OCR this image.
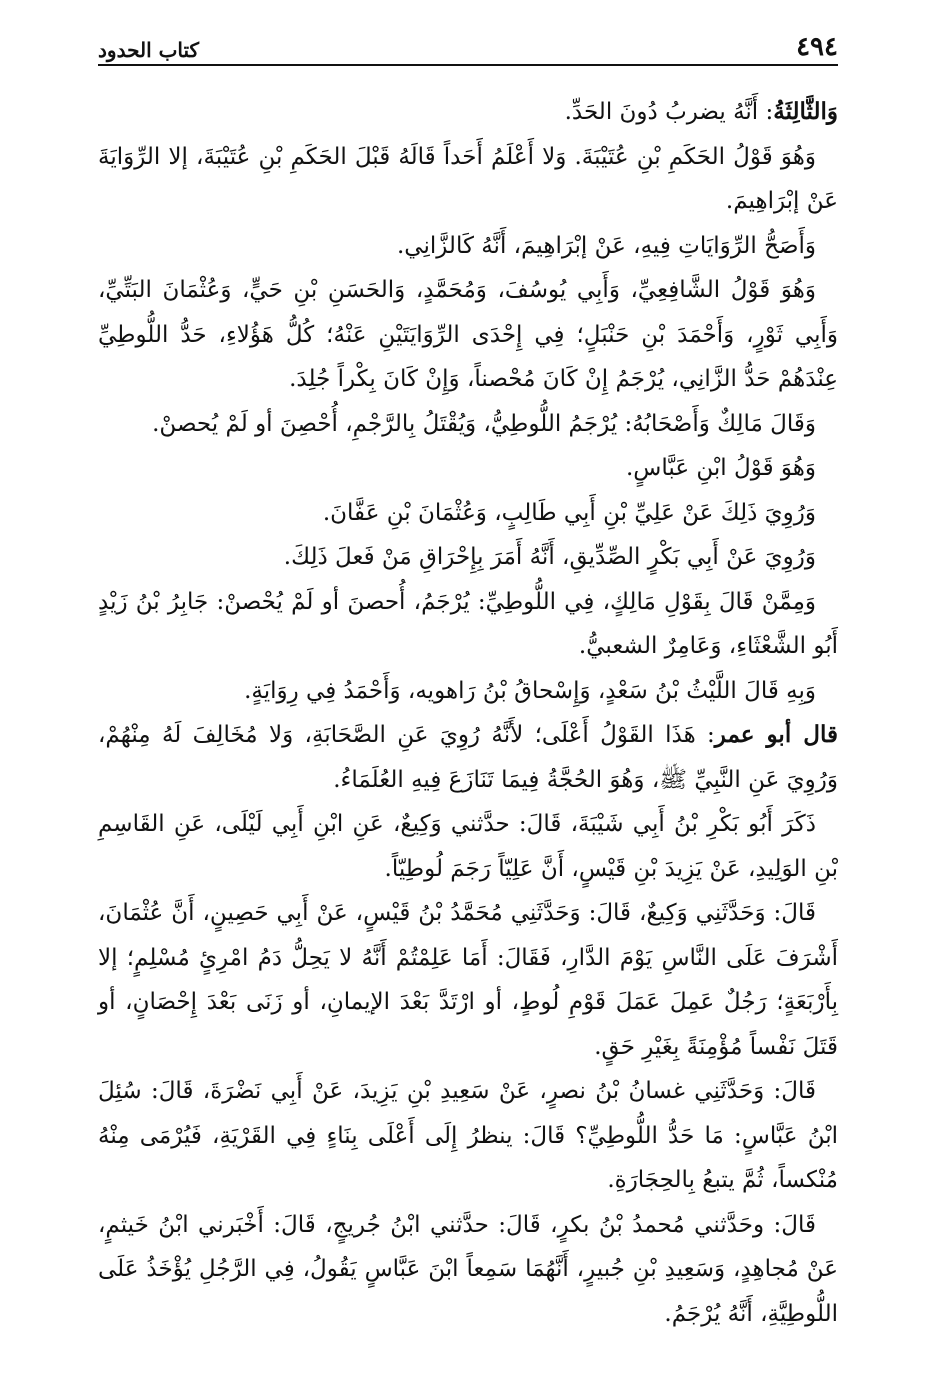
٤٩٤
كتاب الحدود

وَالثَّالِثَةُ: أَنَّهُ يضربُ دُونَ الحَدِّ.

وَهُوَ قَوْلُ الحَكَمِ بْنِ عُتَيْبَةَ. وَلا أَعْلَمُ أَحَداً قَالَهُ قَبْلَ الحَكَمِ بْنِ عُتَيْبَةَ، إلا الرِّوَايَةَ عَنْ إبْرَاهِيمَ.

وَأَصَحُّ الرِّوَايَاتِ فِيهِ، عَنْ إبْرَاهِيمَ، أَنَّهُ كَالزَّانِي.

وَهُوَ قَوْلُ الشَّافِعِيِّ، وَأَبِي يُوسُفَ، وَمُحَمَّدٍ، وَالحَسَنِ بْنِ حَيٍّ، وَعُثْمَانَ البَتِّيِّ، وَأَبِي ثَوْرٍ، وَأَحْمَدَ بْنِ حَنْبَلٍ؛ فِي إِحْدَى الرِّوَايَتَيْنِ عَنْهُ؛ كُلُّ هَؤُلاءِ، حَدُّ اللُّوطِيِّ عِنْدَهُمْ حَدُّ الزَّانِي، يُرْجَمُ إِنْ كَانَ مُحْصناً، وَإِنْ كَانَ بِكْراً جُلِدَ.

وَقَالَ مَالِكٌ وَأَصْحَابُهُ: يُرْجَمُ اللُّوطِيُّ، وَيُقْتَلُ بِالرَّجْمِ، أُحْصِنَ أو لَمْ يُحصنْ.

وَهُوَ قَوْلُ ابْنِ عَبَّاسٍ.

وَرُوِيَ ذَلِكَ عَنْ عَلِيِّ بْنِ أَبِي طَالِبٍ، وَعُثْمَانَ بْنِ عَفَّانَ.

وَرُوِيَ عَنْ أَبِي بَكْرٍ الصِّدِّيقِ، أَنَّهُ أَمَرَ بِإِحْرَاقِ مَنْ فَعلَ ذَلِكَ.

وَمِمَّنْ قَالَ بِقَوْلِ مَالِكٍ، فِي اللُّوطِيِّ: يُرْجَمُ، أُحصنَ أو لَمْ يُحْصنْ: جَابِرُ بْنُ زَيْدٍ أَبُو الشَّعْثَاءِ، وَعَامِرٌ الشعبيُّ.

وَبِهِ قَالَ اللَّيْثُ بْنُ سَعْدٍ، وَإِسْحاقُ بْنُ رَاهويه، وَأَحْمَدُ فِي رِوَايَةٍ.

قال أبو عمر: هَذَا القَوْلُ أَعْلَى؛ لأَنَّهُ رُوِيَ عَنِ الصَّحَابَةِ، وَلا مُخَالِفَ لَهُ مِنْهُمْ، وَرُوِيَ عَنِ النَّبِيِّ ﷺ، وَهُوَ الحُجَّةُ فِيمَا تَنَازَعَ فِيهِ العُلَمَاءُ.

ذَكَرَ أَبُو بَكْرِ بْنُ أَبِي شَيْبَةَ، قَالَ: حدَّثني وَكِيعٌ، عَنِ ابْنِ أَبِي لَيْلَى، عَنِ القَاسِمِ بْنِ الوَلِيدِ، عَنْ يَزِيدَ بْنِ قَيْسٍ، أَنَّ عَلِيّاً رَجَمَ لُوطِيّاً.

قَالَ: وَحَدَّثَنِي وَكِيعٌ، قَالَ: وَحَدَّثَنِي مُحَمَّدُ بْنُ قَيْسٍ، عَنْ أَبِي حَصِينٍ، أَنَّ عُثْمَانَ، أَشْرَفَ عَلَى النَّاسِ يَوْمَ الدَّارِ، فَقَالَ: أَمَا عَلِمْتُمْ أَنَّهُ لا يَحِلُّ دَمُ امْرِئٍ مُسْلِمٍ؛ إلا بِأَرْبَعَةٍ؛ رَجُلٌ عَمِلَ عَمَلَ قَوْمِ لُوطٍ، أو ارْتَدَّ بَعْدَ الإيمانِ، أو زَنَى بَعْدَ إِحْصَانٍ، أو قَتَلَ نَفْساً مُؤْمِنَةً بِغَيْرِ حَقٍ.

قَالَ: وَحَدَّثَنِي غسانُ بْنُ نصرٍ، عَنْ سَعِيدِ بْنِ يَزِيدَ، عَنْ أَبِي نَضْرَةَ، قَالَ: سُئِلَ ابْنُ عَبَّاسٍ: مَا حَدُّ اللُّوطِيِّ؟ قَالَ: ينظرُ إِلَى أَعْلَى بِنَاءٍ فِي القَرْيَةِ، فَيُرْمَى مِنْهُ مُنْكساً، ثُمَّ يتبعُ بِالحِجَارَةِ.

قَالَ: وحَدَّثني مُحمدُ بْنُ بكرٍ، قَالَ: حدَّثني ابْنُ جُريجٍ، قَالَ: أَخْبَرني ابْنُ خَيثمٍ، عَنْ مُجاهِدٍ، وَسَعِيدِ بْنِ جُبيرٍ، أَنَّهُمَا سَمِعاً ابْنَ عَبَّاسٍ يَقُولُ، فِي الرَّجُلِ يُؤْخَذُ عَلَى اللُّوطِيَّةِ، أَنَّهُ يُرْجَمُ.
